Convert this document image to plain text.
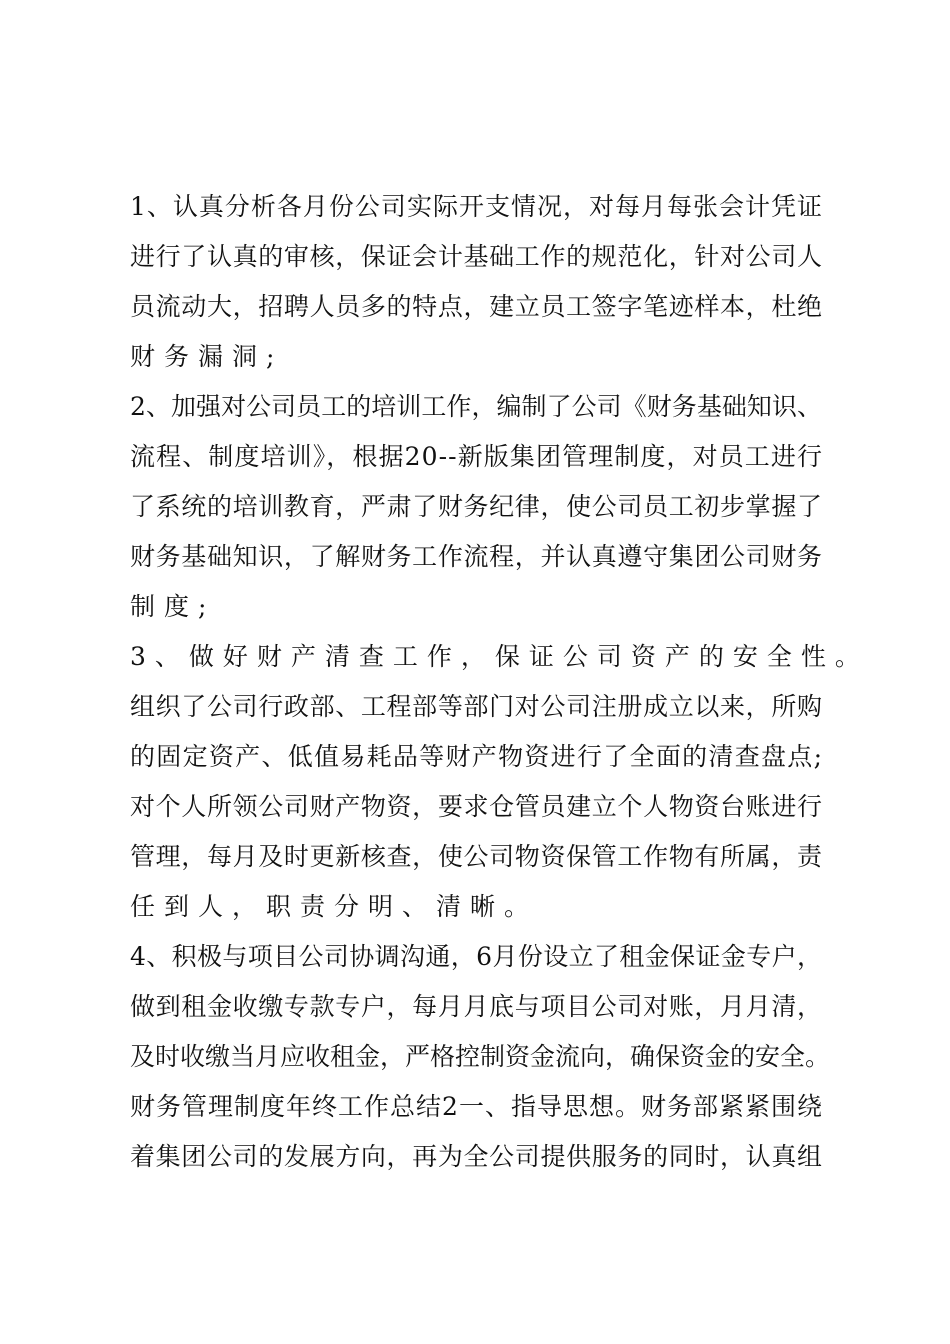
1、认真分析各月份公司实际开支情况，对每月每张会计凭证
进行了认真的审核，保证会计基础工作的规范化，针对公司人
员流动大，招聘人员多的特点，建立员工签字笔迹样本，杜绝
财务漏洞;
2、加强对公司员工的培训工作，编制了公司《财务基础知识、
流程、制度培训》，根据20--新版集团管理制度，对员工进行
了系统的培训教育，严肃了财务纪律，使公司员工初步掌握了
财务基础知识，了解财务工作流程，并认真遵守集团公司财务
制度;
3、做好财产清查工作，保证公司资产的安全性。
组织了公司行政部、工程部等部门对公司注册成立以来，所购
的固定资产、低值易耗品等财产物资进行了全面的清查盘点;
对个人所领公司财产物资，要求仓管员建立个人物资台账进行
管理，每月及时更新核查，使公司物资保管工作物有所属，责
任到人，职责分明、清晰。
4、积极与项目公司协调沟通，6月份设立了租金保证金专户，
做到租金收缴专款专户，每月月底与项目公司对账，月月清，
及时收缴当月应收租金，严格控制资金流向，确保资金的安全。
财务管理制度年终工作总结2一、指导思想。财务部紧紧围绕
着集团公司的发展方向，再为全公司提供服务的同时，认真组
